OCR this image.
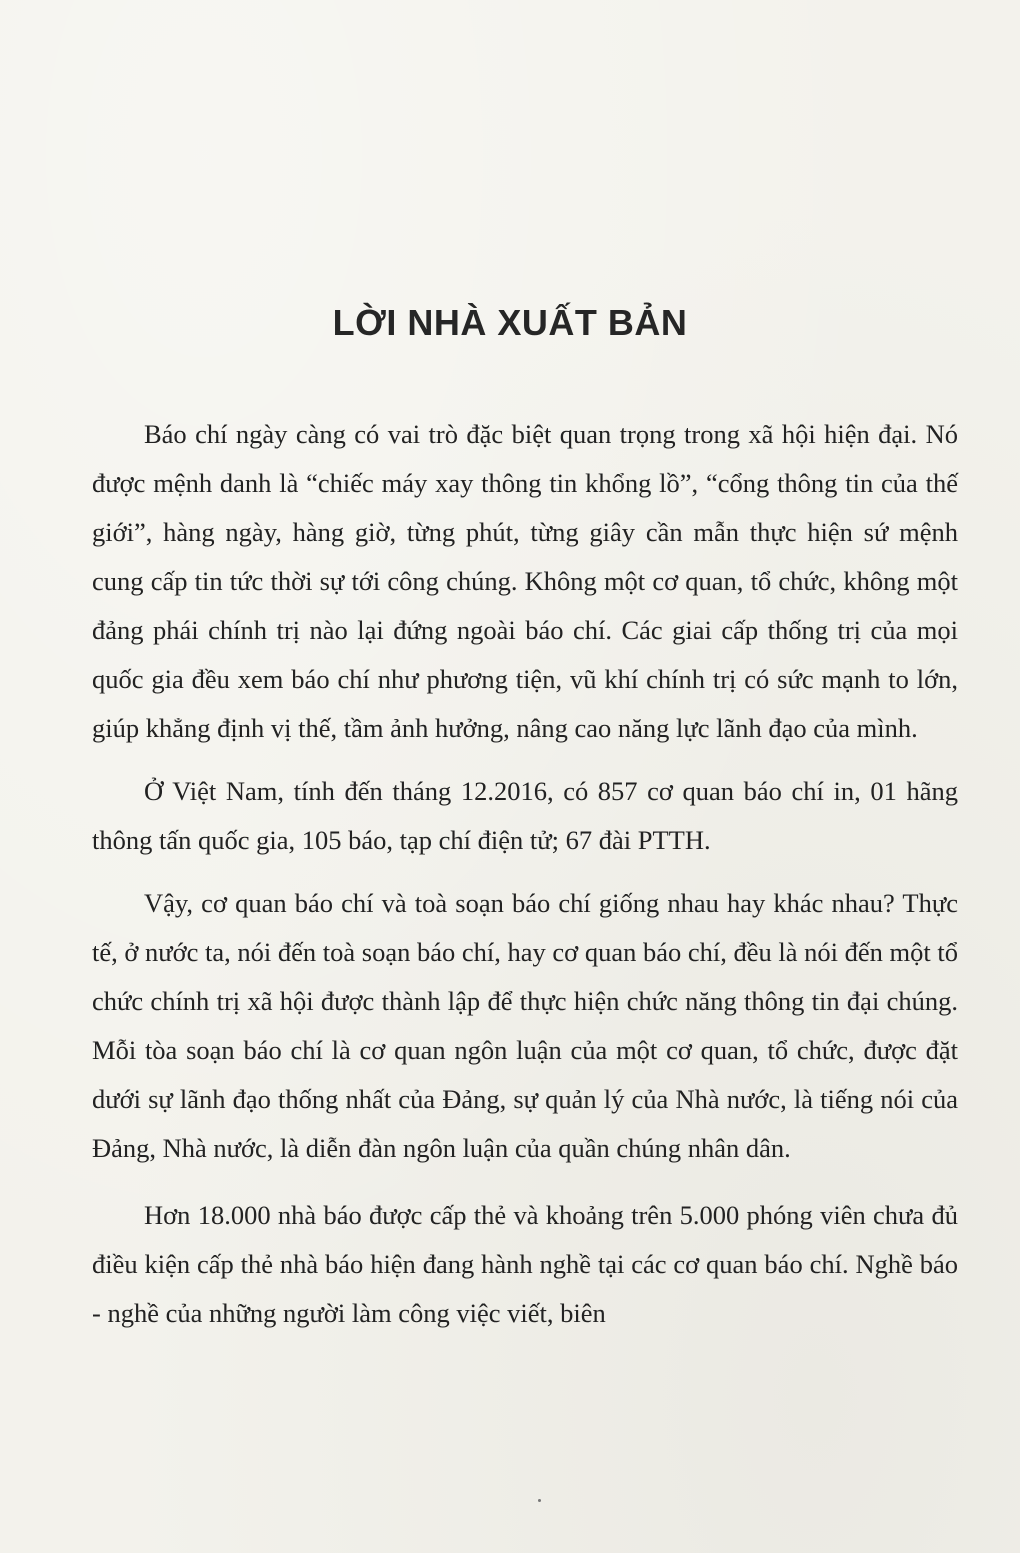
LỜI NHÀ XUẤT BẢN

Báo chí ngày càng có vai trò đặc biệt quan trọng trong xã hội hiện đại. Nó được mệnh danh là “chiếc máy xay thông tin khổng lồ”, “cổng thông tin của thế giới”, hàng ngày, hàng giờ, từng phút, từng giây cần mẫn thực hiện sứ mệnh cung cấp tin tức thời sự tới công chúng. Không một cơ quan, tổ chức, không một đảng phái chính trị nào lại đứng ngoài báo chí. Các giai cấp thống trị của mọi quốc gia đều xem báo chí như phương tiện, vũ khí chính trị có sức mạnh to lớn, giúp khẳng định vị thế, tầm ảnh hưởng, nâng cao năng lực lãnh đạo của mình.

Ở Việt Nam, tính đến tháng 12.2016, có 857 cơ quan báo chí in, 01 hãng thông tấn quốc gia, 105 báo, tạp chí điện tử; 67 đài PTTH.

Vậy, cơ quan báo chí và toà soạn báo chí giống nhau hay khác nhau? Thực tế, ở nước ta, nói đến toà soạn báo chí, hay cơ quan báo chí, đều là nói đến một tổ chức chính trị xã hội được thành lập để thực hiện chức năng thông tin đại chúng. Mỗi tòa soạn báo chí là cơ quan ngôn luận của một cơ quan, tổ chức, được đặt dưới sự lãnh đạo thống nhất của Đảng, sự quản lý của Nhà nước, là tiếng nói của Đảng, Nhà nước, là diễn đàn ngôn luận của quần chúng nhân dân.

Hơn 18.000 nhà báo được cấp thẻ và khoảng trên 5.000 phóng viên chưa đủ điều kiện cấp thẻ nhà báo hiện đang hành nghề tại các cơ quan báo chí. Nghề báo - nghề của những người làm công việc viết, biên
